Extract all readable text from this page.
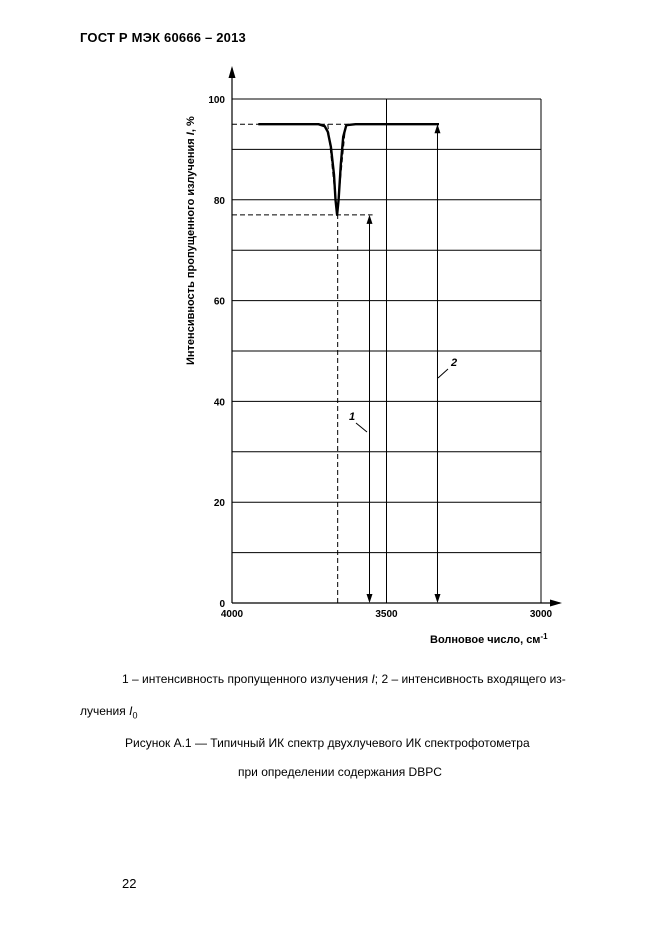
ГОСТ Р МЭК 60666 – 2013
0
20
40
60
80
100
4000	3500	3000
1
2
Волновое число, $см^{-1}$
Интенсивность пропущенного излучения I, %
1 – интенсивность пропущенного излучения I; 2 – интенсивность входящего из-
лучения $I_0$
Рисунок А.1 — Типичный ИК спектр двухлучевого ИК спектрофотометра
при определении содержания DBPC
22
